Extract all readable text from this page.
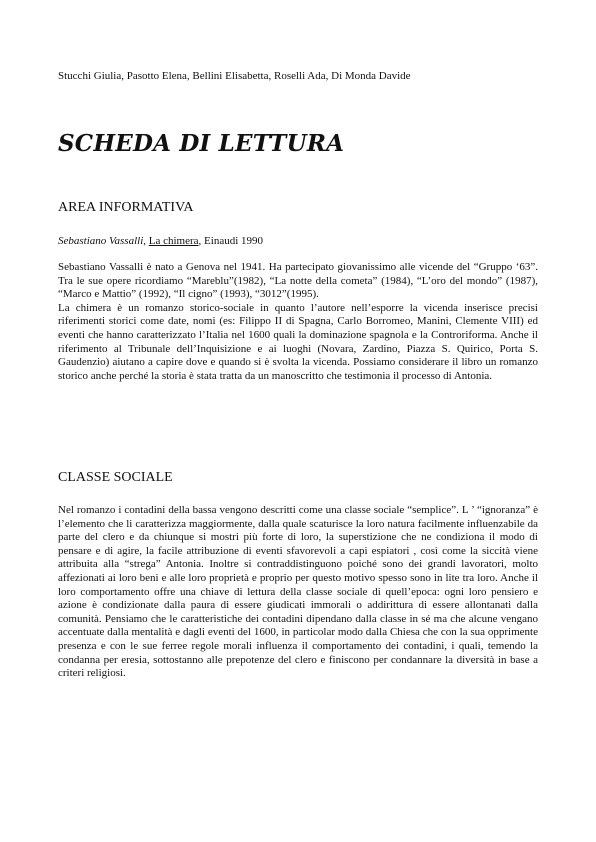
Stucchi Giulia, Pasotto Elena, Bellini Elisabetta, Roselli Ada, Di Monda Davide
SCHEDA DI LETTURA
AREA INFORMATIVA

Sebastiano Vassalli, La chimera, Einaudi 1990

Sebastiano Vassalli è nato a Genova nel 1941. Ha partecipato giovanissimo alle vicende del “Gruppo ‘63”. Tra le sue opere ricordiamo “Mareblu”(1982), “La notte della cometa” (1984), “L’oro del mondo” (1987), “Marco e Mattio” (1992), “Il cigno” (1993), “3012”(1995).

La chimera è un romanzo storico-sociale in quanto l’autore nell’esporre la vicenda inserisce precisi riferimenti storici come date, nomi (es: Filippo II di Spagna, Carlo Borromeo, Manini, Clemente VIII) ed eventi che hanno caratterizzato l’Italia nel 1600 quali la dominazione spagnola e la Controriforma. Anche il riferimento al Tribunale dell’Inquisizione e ai luoghi (Novara, Zardino, Piazza S. Quirico, Porta S. Gaudenzio) aiutano a capire dove e quando si è svolta la vicenda. Possiamo considerare il libro un romanzo storico anche perché la storia è stata tratta da un manoscritto che testimonia il processo di Antonia.

CLASSE SOCIALE

Nel romanzo i contadini della bassa vengono descritti come una classe sociale “semplice”. L ’ “ignoranza” è l’elemento che li caratterizza maggiormente, dalla quale scaturisce la loro natura facilmente influenzabile da parte del clero e da chiunque si mostri più forte di loro, la superstizione che ne condiziona il modo di pensare e di agire, la facile attribuzione di eventi sfavorevoli a capi espiatori , così come la siccità viene attribuita alla “strega” Antonia. Inoltre si contraddistinguono poiché sono dei grandi lavoratori, molto affezionati ai loro beni e alle loro proprietà e proprio per questo motivo spesso sono in lite tra loro. Anche il loro comportamento offre una chiave di lettura della classe sociale di quell’epoca: ogni loro pensiero e azione è condizionate dalla paura di essere giudicati immorali o addirittura di essere allontanati dalla comunità. Pensiamo che le caratteristiche dei contadini dipendano dalla classe in sé ma che alcune vengano accentuate dalla mentalità e dagli eventi del 1600, in particolar modo dalla Chiesa che con la sua opprimente presenza e con le sue ferree regole morali influenza il comportamento dei contadini, i quali, temendo la condanna per eresia, sottostanno alle prepotenze del clero e finiscono per condannare la diversità in base a criteri religiosi.
